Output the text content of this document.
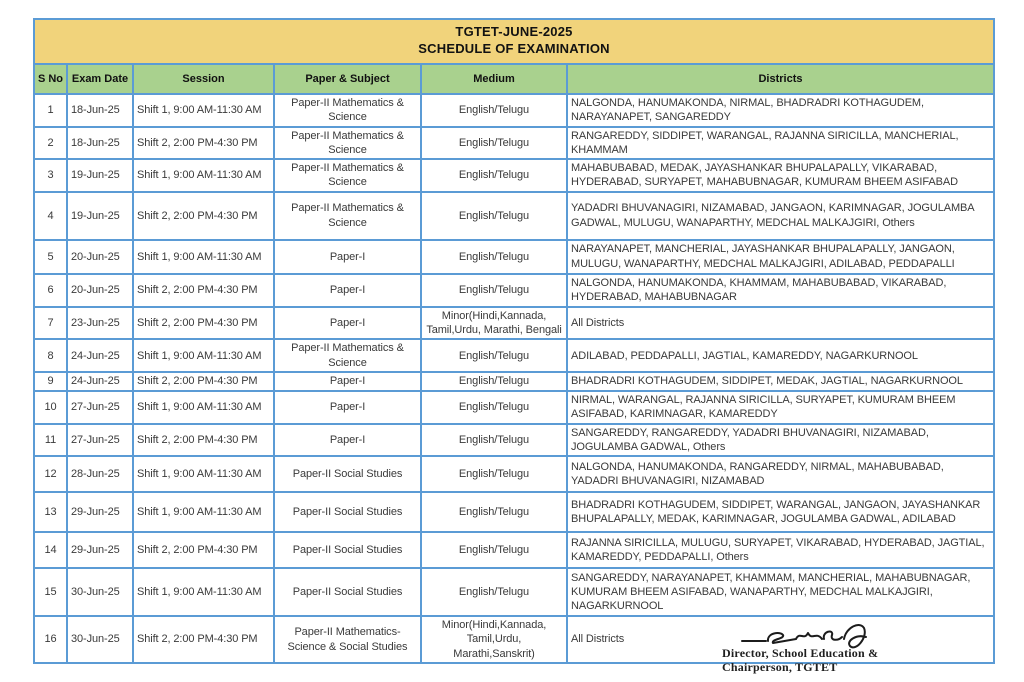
TGTET-JUNE-2025
SCHEDULE OF EXAMINATION					

S No	Exam Date	Session	Paper & Subject	Medium	Districts
1	18-Jun-25	Shift 1, 9:00 AM-11:30 AM	Paper-II Mathematics & Science	English/Telugu	NALGONDA, HANUMAKONDA, NIRMAL, BHADRADRI KOTHAGUDEM, NARAYANAPET, SANGAREDDY
2	18-Jun-25	Shift 2, 2:00 PM-4:30 PM	Paper-II Mathematics & Science	English/Telugu	RANGAREDDY, SIDDIPET, WARANGAL, RAJANNA SIRICILLA, MANCHERIAL, KHAMMAM
3	19-Jun-25	Shift 1, 9:00 AM-11:30 AM	Paper-II Mathematics & Science	English/Telugu	MAHABUBABAD, MEDAK, JAYASHANKAR BHUPALAPALLY, VIKARABAD, HYDERABAD, SURYAPET, MAHABUBNAGAR, KUMURAM BHEEM ASIFABAD
4	19-Jun-25	Shift 2, 2:00 PM-4:30 PM	Paper-II Mathematics & Science	English/Telugu	YADADRI BHUVANAGIRI, NIZAMABAD, JANGAON, KARIMNAGAR, JOGULAMBA GADWAL, MULUGU, WANAPARTHY, MEDCHAL MALKAJGIRI, Others
5	20-Jun-25	Shift 1, 9:00 AM-11:30 AM	Paper-I	English/Telugu	NARAYANAPET, MANCHERIAL, JAYASHANKAR BHUPALAPALLY, JANGAON, MULUGU, WANAPARTHY, MEDCHAL MALKAJGIRI, ADILABAD, PEDDAPALLI
6	20-Jun-25	Shift 2, 2:00 PM-4:30 PM	Paper-I	English/Telugu	NALGONDA, HANUMAKONDA, KHAMMAM, MAHABUBABAD, VIKARABAD, HYDERABAD, MAHABUBNAGAR
7	23-Jun-25	Shift 2, 2:00 PM-4:30 PM	Paper-I	Minor(Hindi,Kannada, Tamil,Urdu, Marathi, Bengali	All Districts
8	24-Jun-25	Shift 1, 9:00 AM-11:30 AM	Paper-II Mathematics & Science	English/Telugu	ADILABAD, PEDDAPALLI, JAGTIAL, KAMAREDDY, NAGARKURNOOL
9	24-Jun-25	Shift 2, 2:00 PM-4:30 PM	Paper-I	English/Telugu	BHADRADRI KOTHAGUDEM, SIDDIPET, MEDAK, JAGTIAL, NAGARKURNOOL
10	27-Jun-25	Shift 1, 9:00 AM-11:30 AM	Paper-I	English/Telugu	NIRMAL, WARANGAL, RAJANNA SIRICILLA, SURYAPET, KUMURAM BHEEM ASIFABAD, KARIMNAGAR, KAMAREDDY
11	27-Jun-25	Shift 2, 2:00 PM-4:30 PM	Paper-I	English/Telugu	SANGAREDDY, RANGAREDDY, YADADRI BHUVANAGIRI, NIZAMABAD, JOGULAMBA GADWAL, Others
12	28-Jun-25	Shift 1, 9:00 AM-11:30 AM	Paper-II Social Studies	English/Telugu	NALGONDA, HANUMAKONDA, RANGAREDDY, NIRMAL, MAHABUBABAD, YADADRI BHUVANAGIRI, NIZAMABAD
13	29-Jun-25	Shift 1, 9:00 AM-11:30 AM	Paper-II Social Studies	English/Telugu	BHADRADRI KOTHAGUDEM, SIDDIPET, WARANGAL, JANGAON, JAYASHANKAR BHUPALAPALLY, MEDAK, KARIMNAGAR, JOGULAMBA GADWAL, ADILABAD
14	29-Jun-25	Shift 2, 2:00 PM-4:30 PM	Paper-II Social Studies	English/Telugu	RAJANNA SIRICILLA, MULUGU, SURYAPET, VIKARABAD, HYDERABAD, JAGTIAL, KAMAREDDY, PEDDAPALLI, Others
15	30-Jun-25	Shift 1, 9:00 AM-11:30 AM	Paper-II Social Studies	English/Telugu	SANGAREDDY, NARAYANAPET, KHAMMAM, MANCHERIAL, MAHABUBNAGAR, KUMURAM BHEEM ASIFABAD, WANAPARTHY, MEDCHAL MALKAJGIRI, NAGARKURNOOL
16	30-Jun-25	Shift 2, 2:00 PM-4:30 PM	Paper-II Mathematics- Science & Social Studies	Minor(Hindi,Kannada, Tamil,Urdu, Marathi,Sanskrit)	All Districts
Director, School Education &
Chairperson, TGTET
